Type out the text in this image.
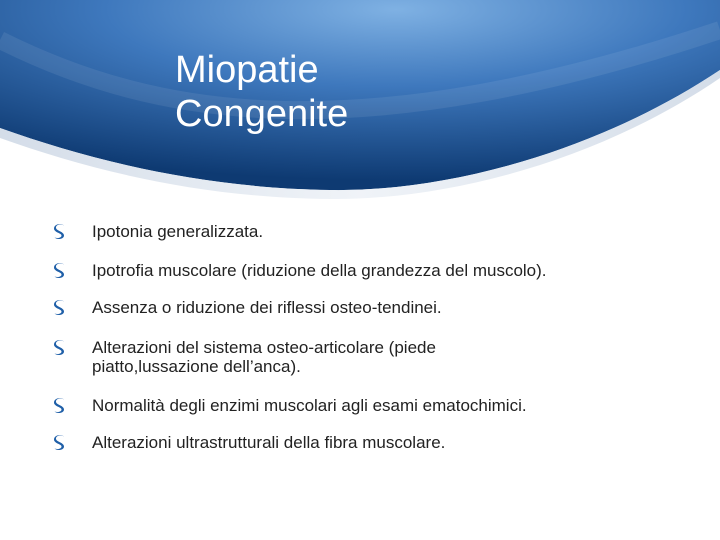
Miopatie
Congenite
Ipotonia generalizzata.
Ipotrofia muscolare (riduzione della grandezza del muscolo).
Assenza o riduzione dei riflessi osteo-tendinei.
Alterazioni del sistema osteo-articolare (piede piatto,lussazione dell’anca).
Normalità degli enzimi muscolari agli esami ematochimici.
Alterazioni ultrastrutturali della fibra muscolare.
